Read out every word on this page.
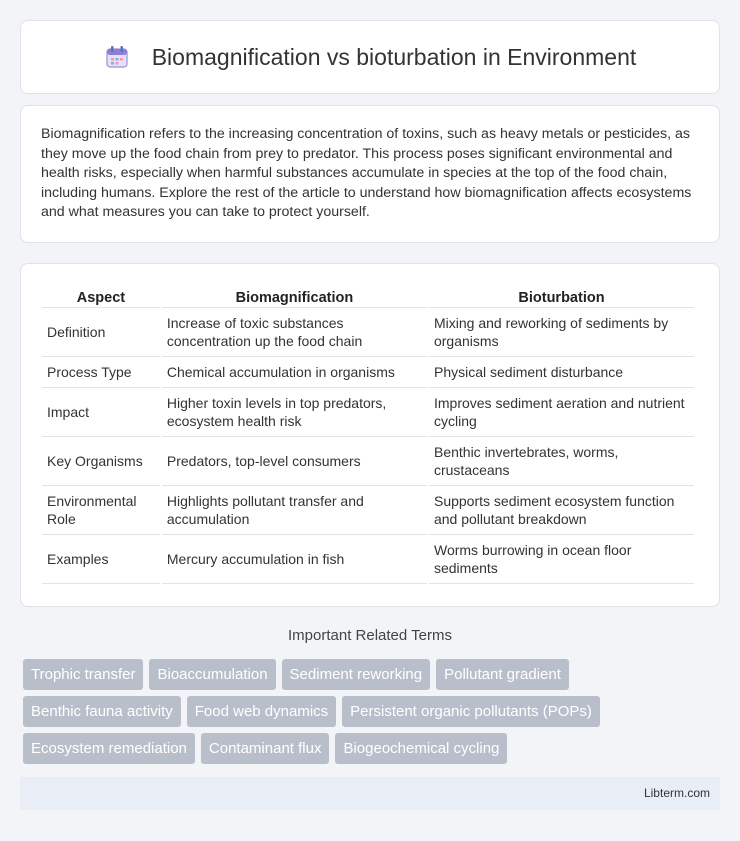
Biomagnification vs bioturbation in Environment

Biomagnification refers to the increasing concentration of toxins, such as heavy metals or pesticides, as they move up the food chain from prey to predator. This process poses significant environmental and health risks, especially when harmful substances accumulate in species at the top of the food chain, including humans. Explore the rest of the article to understand how biomagnification affects ecosystems and what measures you can take to protect yourself.

Aspect	Biomagnification	Bioturbation
Definition	Increase of toxic substances concentration up the food chain	Mixing and reworking of sediments by organisms
Process Type	Chemical accumulation in organisms	Physical sediment disturbance
Impact	Higher toxin levels in top predators, ecosystem health risk	Improves sediment aeration and nutrient cycling
Key Organisms	Predators, top-level consumers	Benthic invertebrates, worms, crustaceans
Environmental Role	Highlights pollutant transfer and accumulation	Supports sediment ecosystem function and pollutant breakdown
Examples	Mercury accumulation in fish	Worms burrowing in ocean floor sediments
Important Related Terms
Trophic transfer	Bioaccumulation	Sediment reworking	Pollutant gradient
Benthic fauna activity	Food web dynamics	Persistent organic pollutants (POPs)
Ecosystem remediation	Contaminant flux	Biogeochemical cycling
Libterm.com
